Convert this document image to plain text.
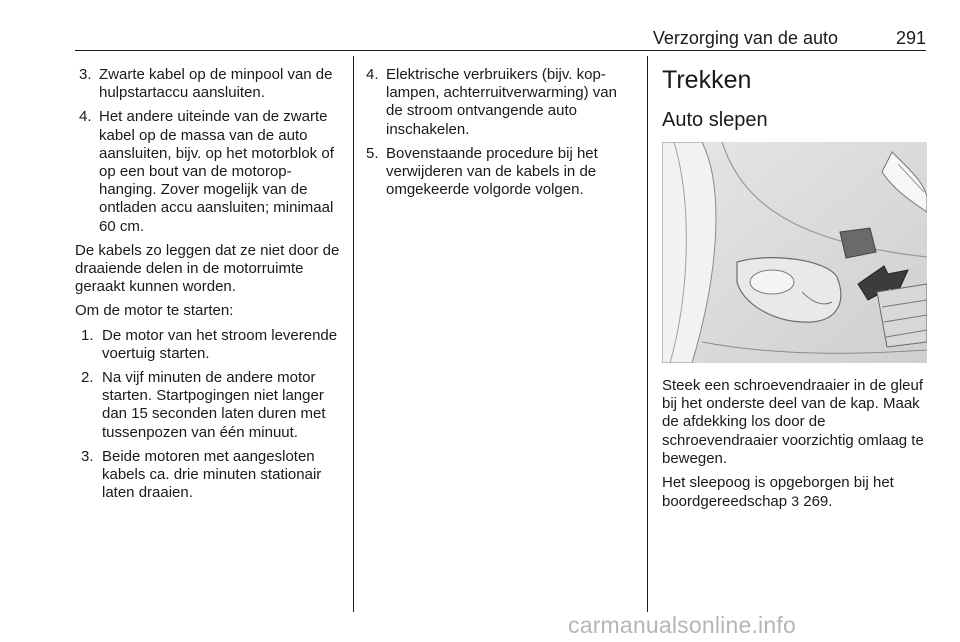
Verzorging van de auto	291
3. Zwarte kabel op de minpool van de hulpstartaccu aansluiten.
4. Het andere uiteinde van de zwarte kabel op de massa van de auto aansluiten, bijv. op het motorblok of op een bout van de motorophanging. Zover mogelijk van de ontladen accu aansluiten; minimaal 60 cm.

De kabels zo leggen dat ze niet door de draaiende delen in de motorruimte geraakt kunnen worden.

Om de motor te starten:

1. De motor van het stroom leverende voertuig starten.
2. Na vijf minuten de andere motor starten. Startpogingen niet langer dan 15 seconden laten duren met tussenpozen van één minuut.
3. Beide motoren met aangesloten kabels ca. drie minuten stationair laten draaien.
4. Elektrische verbruikers (bijv. koplampen, achterruitverwarming) van de stroom ontvangende auto inschakelen.
5. Bovenstaande procedure bij het verwijderen van de kabels in de omgekeerde volgorde volgen.
Trekken
Auto slepen

Steek een schroevendraaier in de gleuf bij het onderste deel van de kap. Maak de afdekking los door de schroevendraaier voorzichtig omlaag te bewegen.

Het sleepoog is opgeborgen bij het boordgereedschap 3 269.

carmanualsonline.info
